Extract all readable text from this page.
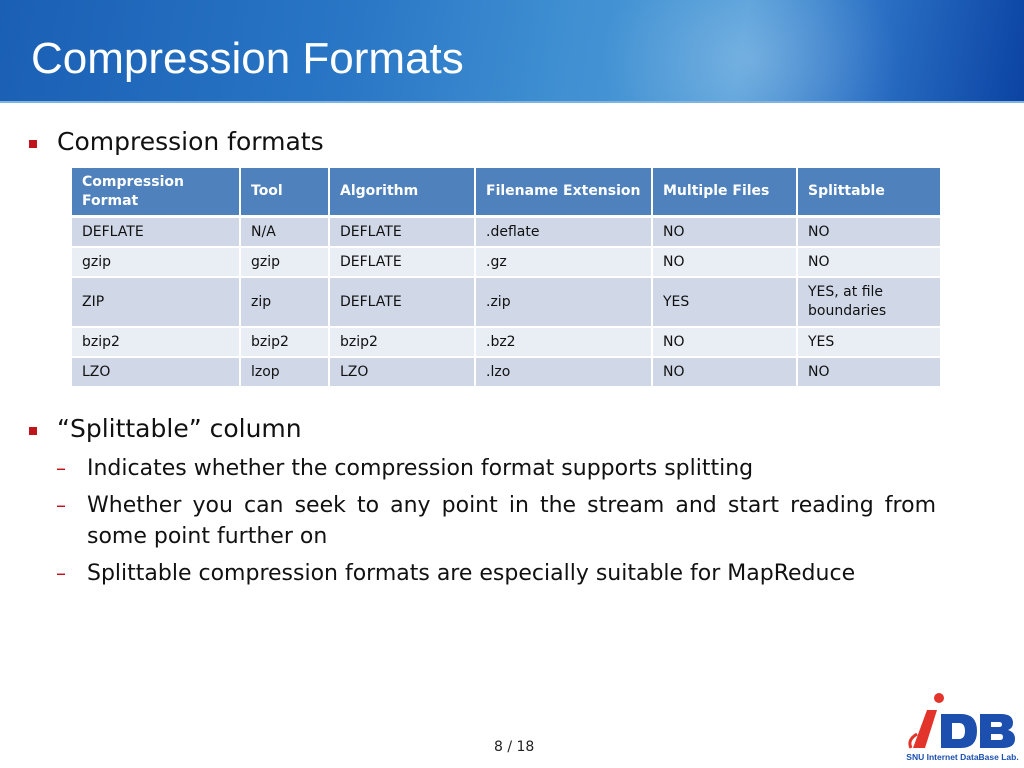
Compression Formats
Compression formats
Compression Format	Tool	Algorithm	Filename Extension	Multiple Files	Splittable
DEFLATE	N/A	DEFLATE	.deflate	NO	NO
gzip	gzip	DEFLATE	.gz	NO	NO
ZIP	zip	DEFLATE	.zip	YES	YES, at file boundaries
bzip2	bzip2	bzip2	.bz2	NO	YES
LZO	lzop	LZO	.lzo	NO	NO
“Splittable” column
– Indicates whether the compression format supports splitting
– Whether you can seek to any point in the stream and start reading from some point further on
– Splittable compression formats are especially suitable for MapReduce
8 / 18
SNU Internet DataBase Lab.
